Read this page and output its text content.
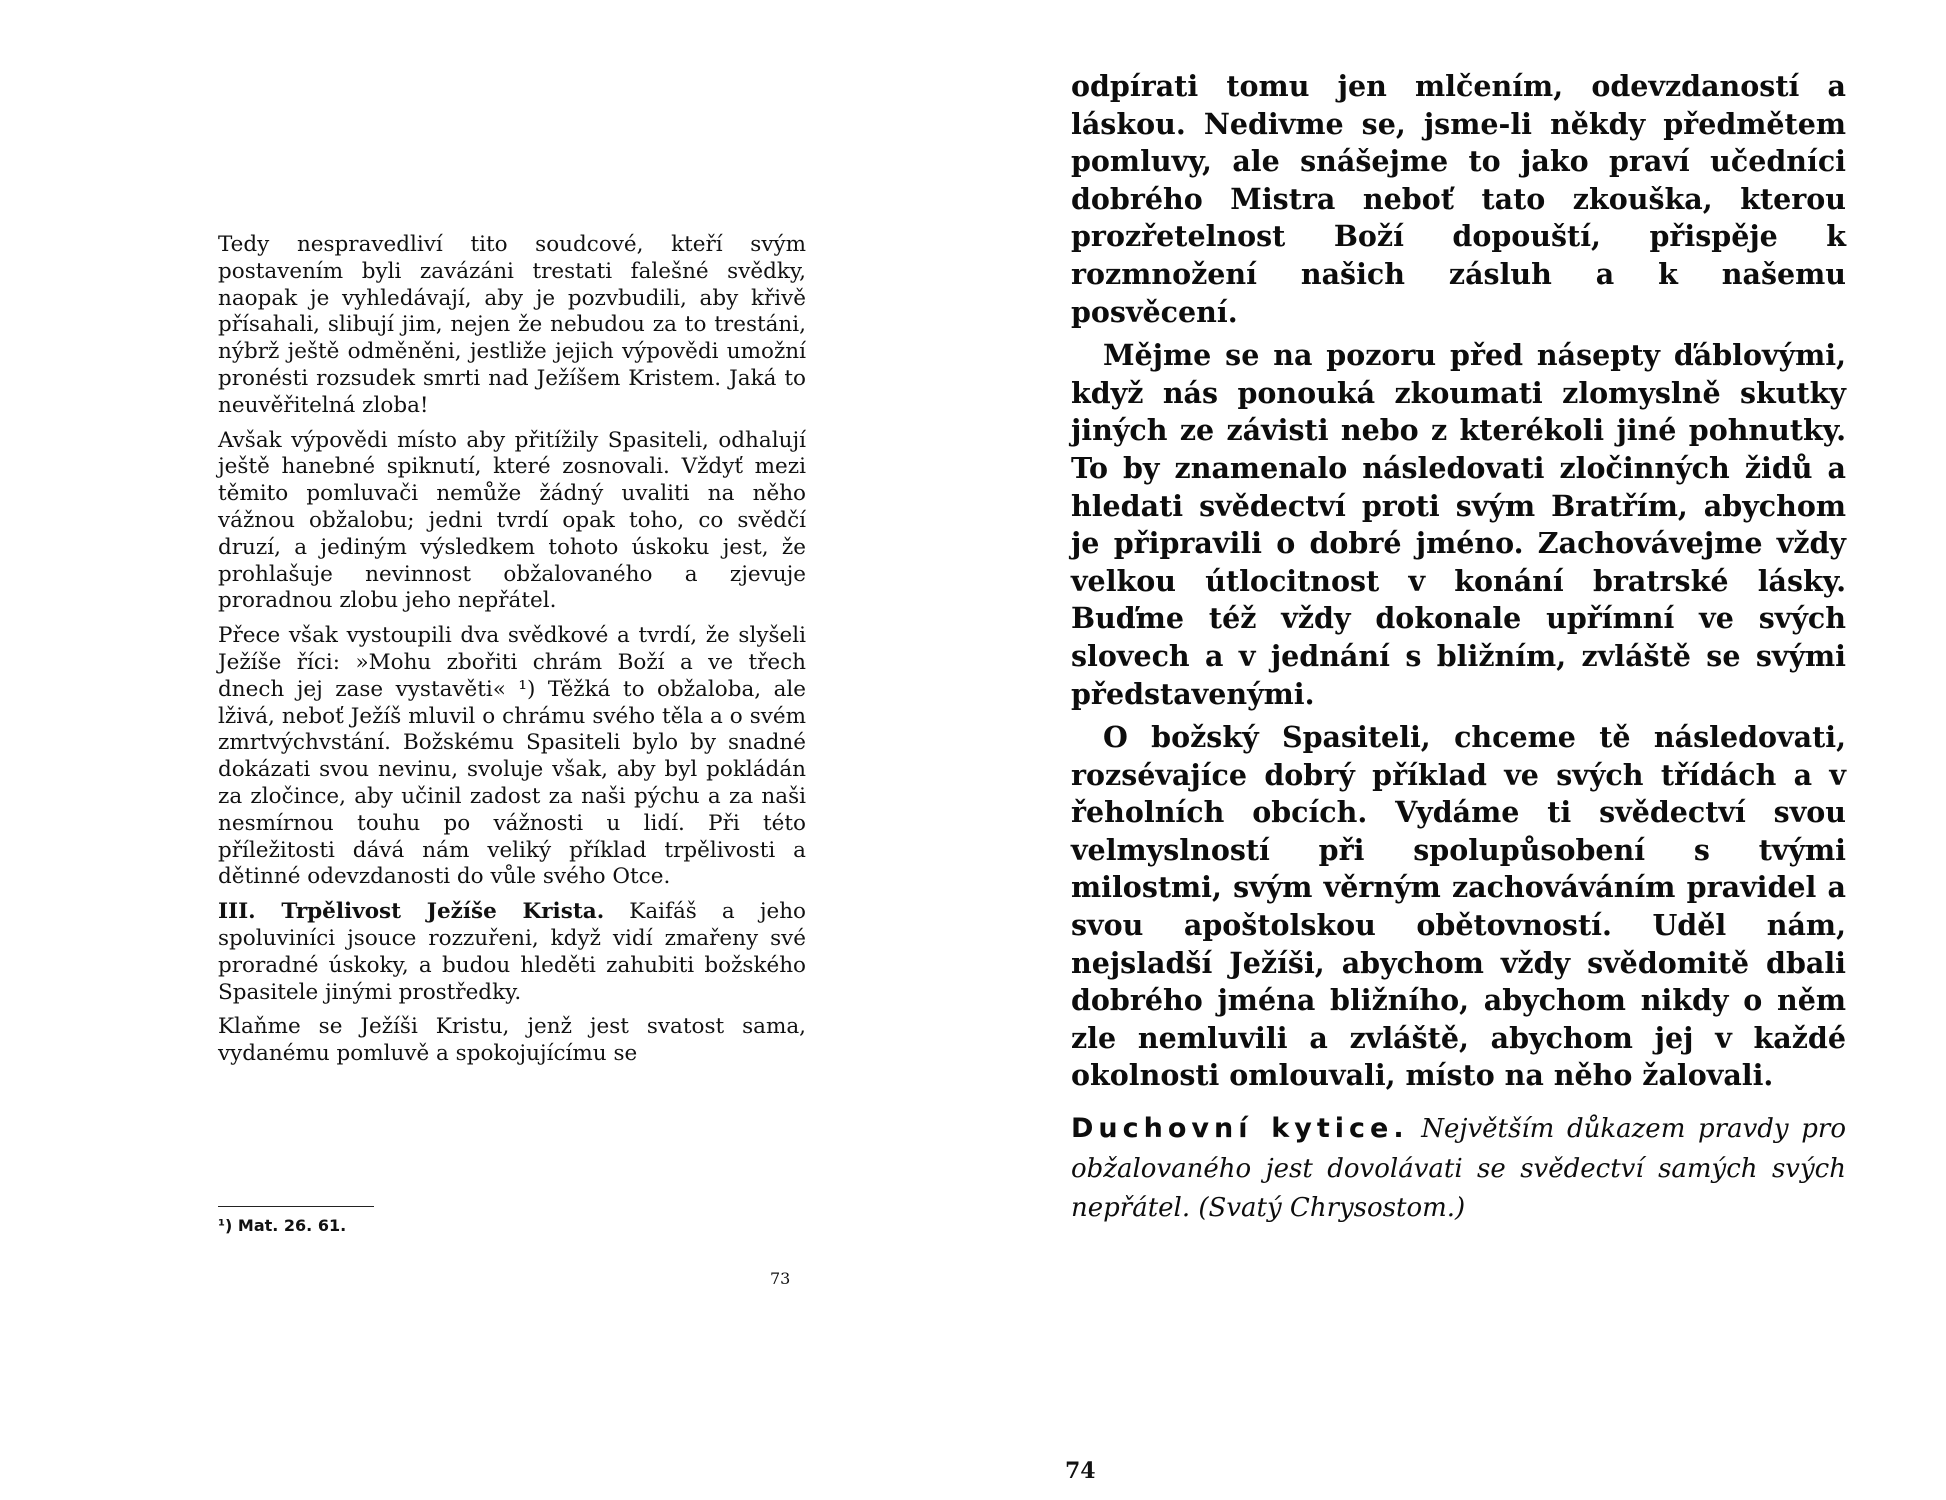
Tedy nespravedliví tito soudcové, kteří svým postavením byli zavázáni trestati falešné svědky, naopak je vyhledávají, aby je pozvbudili, aby křivě přísahali, slibují jim, nejen že nebudou za to trestáni, nýbrž ještě odměněni, jestliže jejich výpovědi umožní pronésti rozsudek smrti nad Ježíšem Kristem. Jaká to neuvěřitelná zloba!

Avšak výpovědi místo aby přitížily Spasiteli, odhalují ještě hanebné spiknutí, které zosnovali. Vždyť mezi těmito pomluvači nemůže žádný uvaliti na něho vážnou obžalobu; jedni tvrdí opak toho, co svědčí druzí, a jediným výsledkem tohoto úskoku jest, že prohlašuje nevinnost obžalovaného a zjevuje proradnou zlobu jeho nepřátel.

Přece však vystoupili dva svědkové a tvrdí, že slyšeli Ježíše říci: »Mohu zbořiti chrám Boží a ve třech dnech jej zase vystavěti« ¹) Těžká to obžaloba, ale lživá, neboť Ježíš mluvil o chrámu svého těla a o svém zmrtvýchvstání. Božskému Spasiteli bylo by snadné dokázati svou nevinu, svoluje však, aby byl pokládán za zločince, aby učinil zadost za naši pýchu a za naši nesmírnou touhu po vážnosti u lidí. Při této příležitosti dává nám veliký příklad trpělivosti a dětinné odevzdanosti do vůle svého Otce.

III. Trpělivost Ježíše Krista. Kaifáš a jeho spoluviníci jsouce rozzuřeni, když vidí zmařeny své proradné úskoky, a budou hleděti zahubiti božského Spasitele jinými prostředky.

Klaňme se Ježíši Kristu, jenž jest svatost sama, vydanému pomluvě a spokojujícímu se

¹) Mat. 26. 61.
73

odpírati tomu jen mlčením, odevzdaností a láskou. Nedivme se, jsme-li někdy předmětem pomluvy, ale snášejme to jako praví učedníci dobrého Mistra neboť tato zkouška, kterou prozřetelnost Boží dopouští, přispěje k rozmnožení našich zásluh a k našemu posvěcení.

Mějme se na pozoru před násepty ďáblovými, když nás ponouká zkoumati zlomyslně skutky jiných ze závisti nebo z kterékoli jiné pohnutky. To by znamenalo následovati zločinných židů a hledati svědectví proti svým Bratřím, abychom je připravili o dobré jméno. Zachovávejme vždy velkou útlocitnost v konání bratrské lásky. Buďme též vždy dokonale upřímní ve svých slovech a v jednání s bližním, zvláště se svými představenými.

O božský Spasiteli, chceme tě následovati, rozsévajíce dobrý příklad ve svých třídách a v řeholních obcích. Vydáme ti svědectví svou velmyslností při spolupůsobení s tvými milostmi, svým věrným zachováváním pravidel a svou apoštolskou obětovností. Uděl nám, nejsladší Ježíši, abychom vždy svědomitě dbali dobrého jména bližního, abychom nikdy o něm zle nemluvili a zvláště, abychom jej v každé okolnosti omlouvali, místo na něho žalovali.

Duchovní kytice. Největším důkazem pravdy pro obžalovaného jest dovolávati se svědectví samých svých nepřátel. (Svatý Chrysostom.)

74
